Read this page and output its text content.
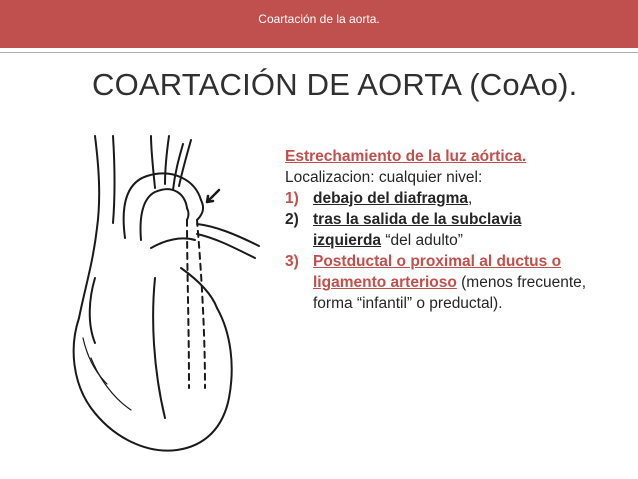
Coartación de la aorta.
COARTACIÓN DE AORTA (CoAo).

Estrechamiento de la luz aórtica.

Localizacion: cualquier nivel:

1) debajo del diafragma,
2) tras la salida de la subclavia
izquierda “del adulto”
3) Postductal o proximal al ductus o ligamento arterioso (menos frecuente, forma “infantil” o preductal).
